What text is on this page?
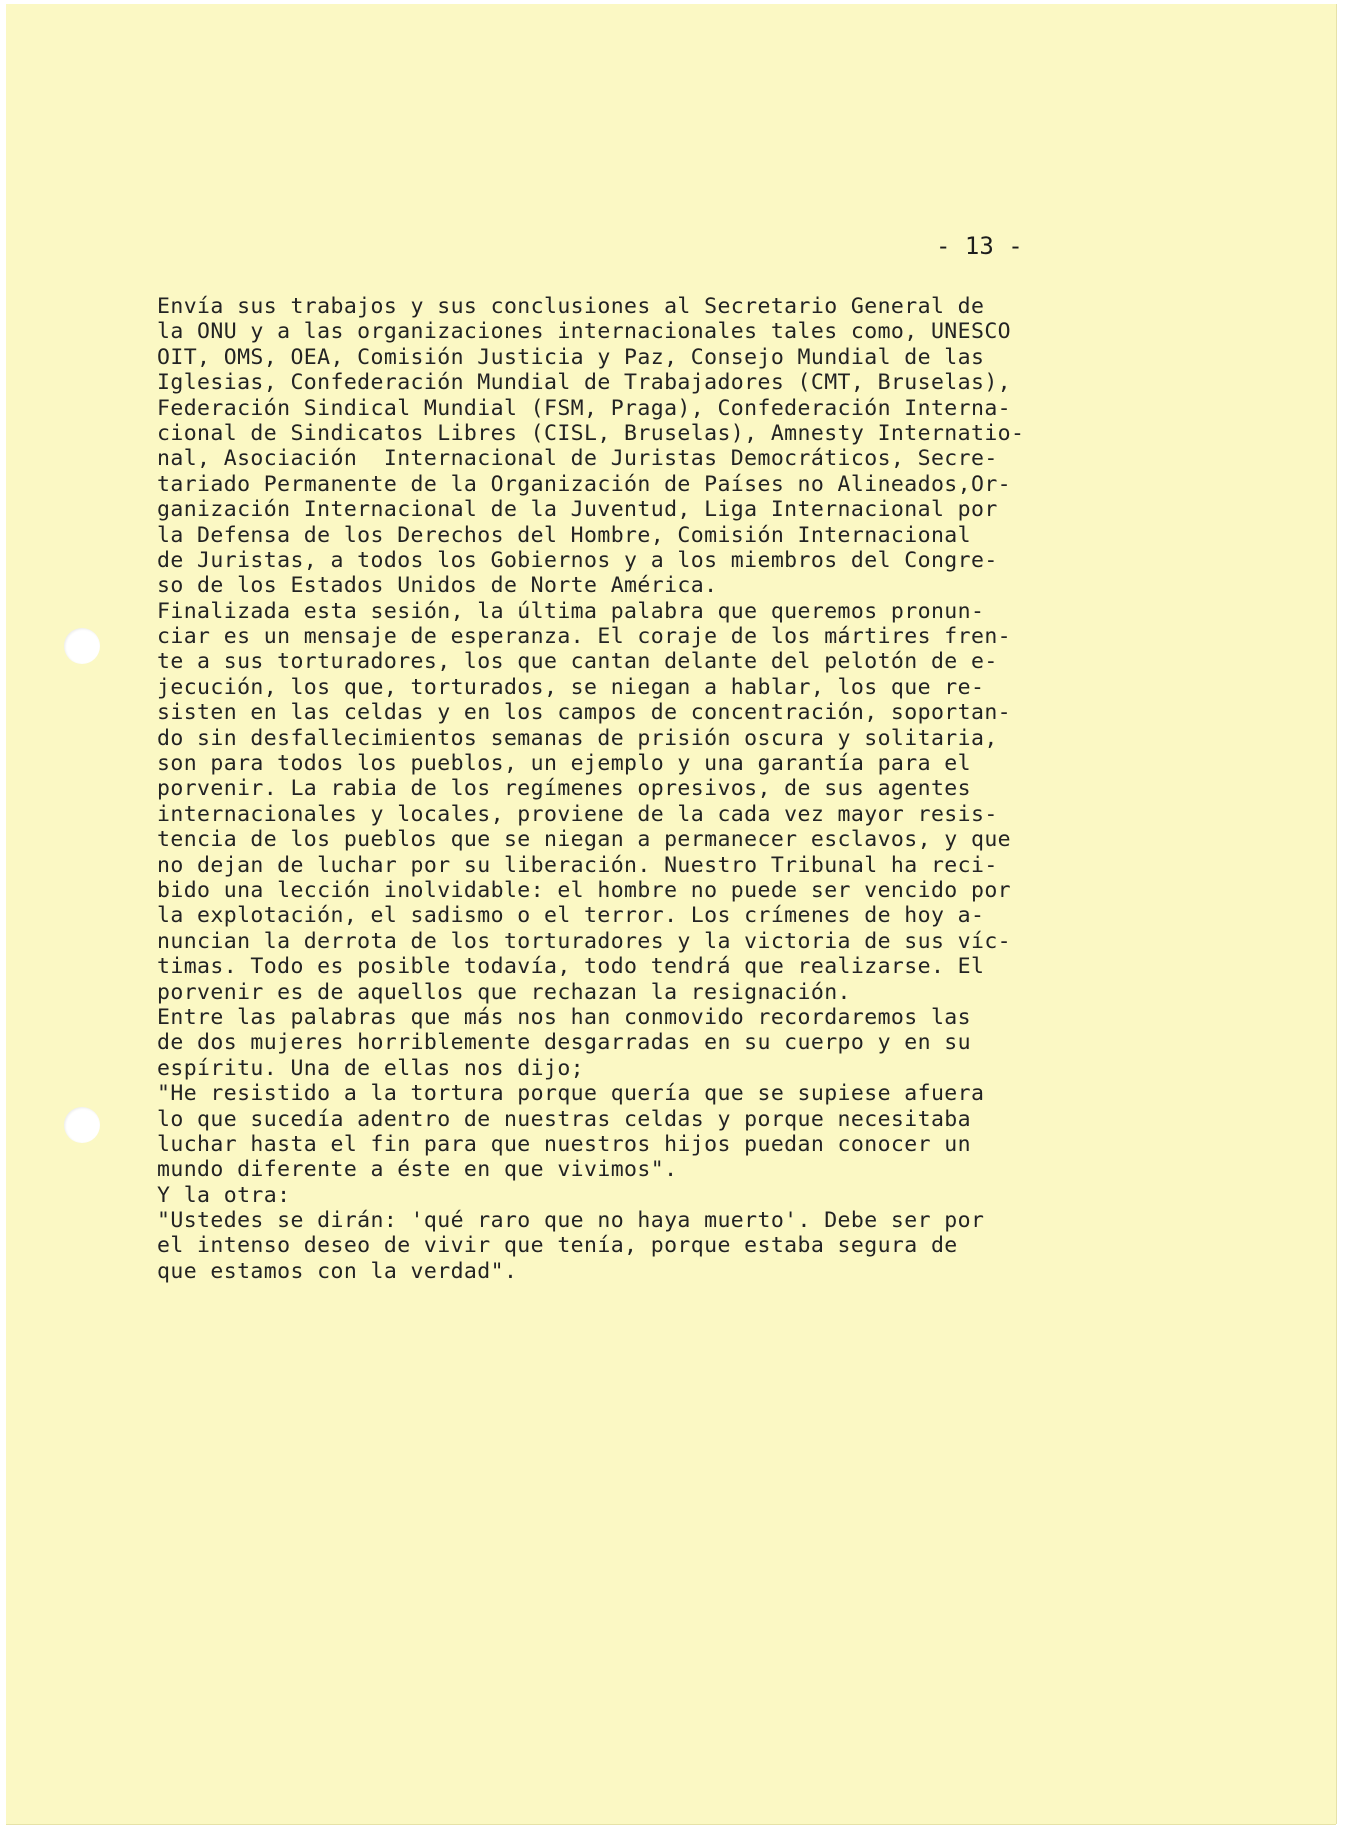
- 13 -
Envía sus trabajos y sus conclusiones al Secretario General de
la ONU y a las organizaciones internacionales tales como, UNESCO
OIT, OMS, OEA, Comisión Justicia y Paz, Consejo Mundial de las
Iglesias, Confederación Mundial de Trabajadores (CMT, Bruselas),
Federación Sindical Mundial (FSM, Praga), Confederación Interna-
cional de Sindicatos Libres (CISL, Bruselas), Amnesty Internatio-
nal, Asociación  Internacional de Juristas Democráticos, Secre-
tariado Permanente de la Organización de Países no Alineados,Or-
ganización Internacional de la Juventud, Liga Internacional por
la Defensa de los Derechos del Hombre, Comisión Internacional
de Juristas, a todos los Gobiernos y a los miembros del Congre-
so de los Estados Unidos de Norte América.
Finalizada esta sesión, la última palabra que queremos pronun-
ciar es un mensaje de esperanza. El coraje de los mártires fren-
te a sus torturadores, los que cantan delante del pelotón de e-
jecución, los que, torturados, se niegan a hablar, los que re-
sisten en las celdas y en los campos de concentración, soportan-
do sin desfallecimientos semanas de prisión oscura y solitaria,
son para todos los pueblos, un ejemplo y una garantía para el
porvenir. La rabia de los regímenes opresivos, de sus agentes
internacionales y locales, proviene de la cada vez mayor resis-
tencia de los pueblos que se niegan a permanecer esclavos, y que
no dejan de luchar por su liberación. Nuestro Tribunal ha reci-
bido una lección inolvidable: el hombre no puede ser vencido por
la explotación, el sadismo o el terror. Los crímenes de hoy a-
nuncian la derrota de los torturadores y la victoria de sus víc-
timas. Todo es posible todavía, todo tendrá que realizarse. El
porvenir es de aquellos que rechazan la resignación.
Entre las palabras que más nos han conmovido recordaremos las
de dos mujeres horriblemente desgarradas en su cuerpo y en su
espíritu. Una de ellas nos dijo;
"He resistido a la tortura porque quería que se supiese afuera
lo que sucedía adentro de nuestras celdas y porque necesitaba
luchar hasta el fin para que nuestros hijos puedan conocer un
mundo diferente a éste en que vivimos".
Y la otra:
"Ustedes se dirán: 'qué raro que no haya muerto'. Debe ser por
el intenso deseo de vivir que tenía, porque estaba segura de
que estamos con la verdad".
